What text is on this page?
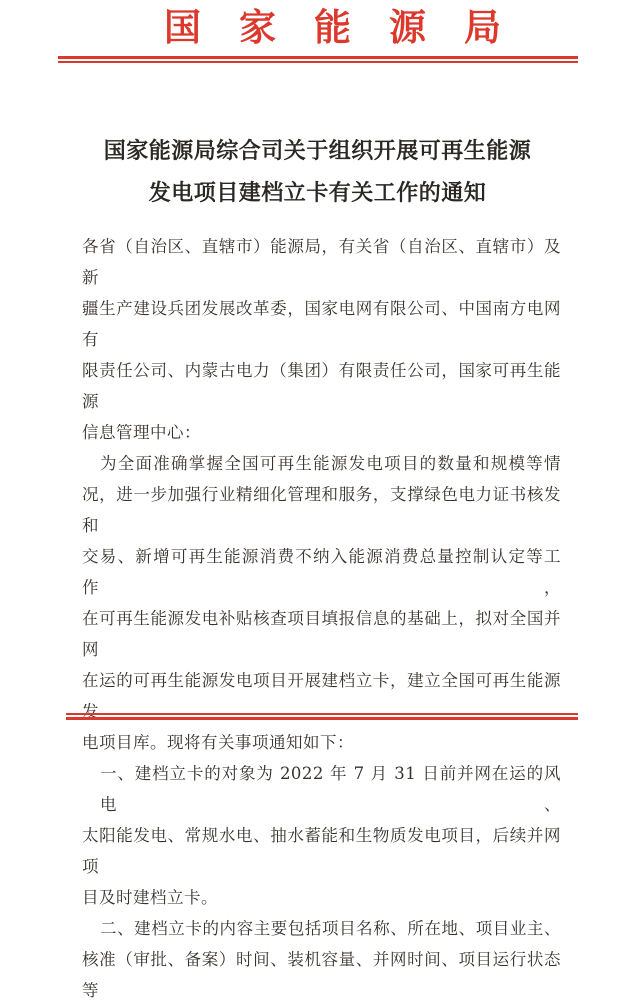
国家能源局
国家能源局综合司关于组织开展可再生能源
发电项目建档立卡有关工作的通知
各省（自治区、直辖市）能源局，有关省（自治区、直辖市）及新
疆生产建设兵团发展改革委，国家电网有限公司、中国南方电网有
限责任公司、内蒙古电力（集团）有限责任公司，国家可再生能源
信息管理中心：
为全面准确掌握全国可再生能源发电项目的数量和规模等情
况，进一步加强行业精细化管理和服务，支撑绿色电力证书核发和
交易、新增可再生能源消费不纳入能源消费总量控制认定等工作，
在可再生能源发电补贴核查项目填报信息的基础上，拟对全国并网
在运的可再生能源发电项目开展建档立卡，建立全国可再生能源发
电项目库。现将有关事项通知如下：
一、建档立卡的对象为 2022 年 7 月 31 日前并网在运的风电、
太阳能发电、常规水电、抽水蓄能和生物质发电项目，后续并网项
目及时建档立卡。
二、建档立卡的内容主要包括项目名称、所在地、项目业主、
核准（审批、备案）时间、装机容量、并网时间、项目运行状态等
